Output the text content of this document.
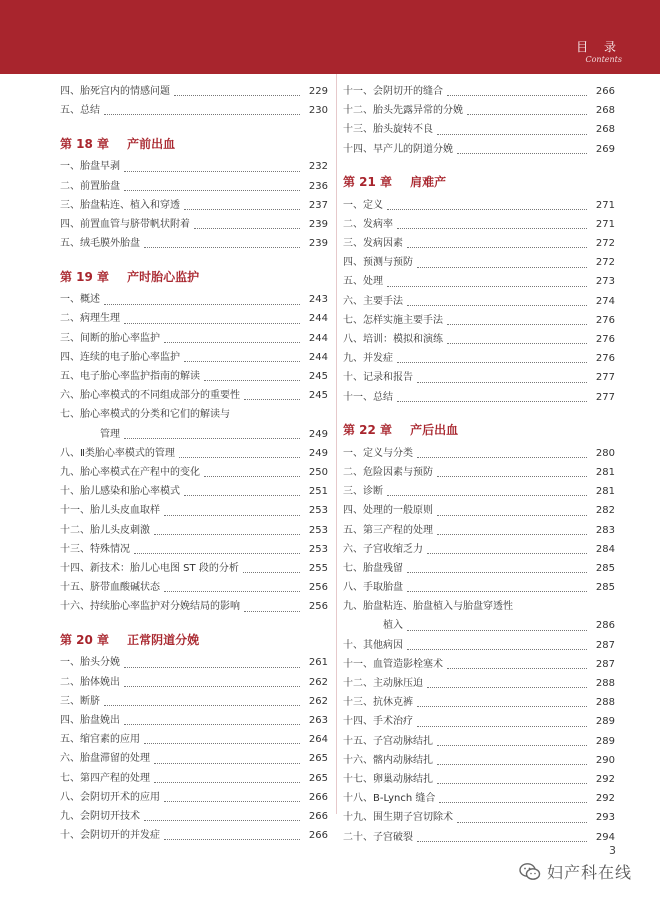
目 录
Contents
四、胎死宫内的情感问题	229
五、总结	230
第 18 章 产前出血
一、胎盘早剥	232
二、前置胎盘	236
三、胎盘粘连、植入和穿透	237
四、前置血管与脐带帆状附着	239
五、绒毛膜外胎盘	239
第 19 章 产时胎心监护
一、概述	243
二、病理生理	244
三、间断的胎心率监护	244
四、连续的电子胎心率监护	244
五、电子胎心率监护指南的解读	245
六、胎心率模式的不同组成部分的重要性	245
七、胎心率模式的分类和它们的解读与
管理	249
八、Ⅱ类胎心率模式的管理	249
九、胎心率模式在产程中的变化	250
十、胎儿感染和胎心率模式	251
十一、胎儿头皮血取样	253
十二、胎儿头皮刺激	253
十三、特殊情况	253
十四、新技术：胎儿心电图 ST 段的分析	255
十五、脐带血酸碱状态	256
十六、持续胎心率监护对分娩结局的影响	256
第 20 章 正常阴道分娩
一、胎头分娩	261
二、胎体娩出	262
三、断脐	262
四、胎盘娩出	263
五、缩宫素的应用	264
六、胎盘滞留的处理	265
七、第四产程的处理	265
八、会阴切开术的应用	266
九、会阴切开技术	266
十、会阴切开的并发症	266
十一、会阴切开的缝合	266
十二、胎头先露异常的分娩	268
十三、胎头旋转不良	268
十四、早产儿的阴道分娩	269
第 21 章 肩难产
一、定义	271
二、发病率	271
三、发病因素	272
四、预测与预防	272
五、处理	273
六、主要手法	274
七、怎样实施主要手法	276
八、培训：模拟和演练	276
九、并发症	276
十、记录和报告	277
十一、总结	277
第 22 章 产后出血
一、定义与分类	280
二、危险因素与预防	281
三、诊断	281
四、处理的一般原则	282
五、第三产程的处理	283
六、子宫收缩乏力	284
七、胎盘残留	285
八、手取胎盘	285
九、胎盘粘连、胎盘植入与胎盘穿透性
植入	286
十、其他病因	287
十一、血管造影栓塞术	287
十二、主动脉压迫	288
十三、抗休克裤	288
十四、手术治疗	289
十五、子宫动脉结扎	289
十六、髂内动脉结扎	290
十七、卵巢动脉结扎	292
十八、B-Lynch 缝合	292
十九、围生期子宫切除术	293
二十、子宫破裂	294
3
妇产科在线
